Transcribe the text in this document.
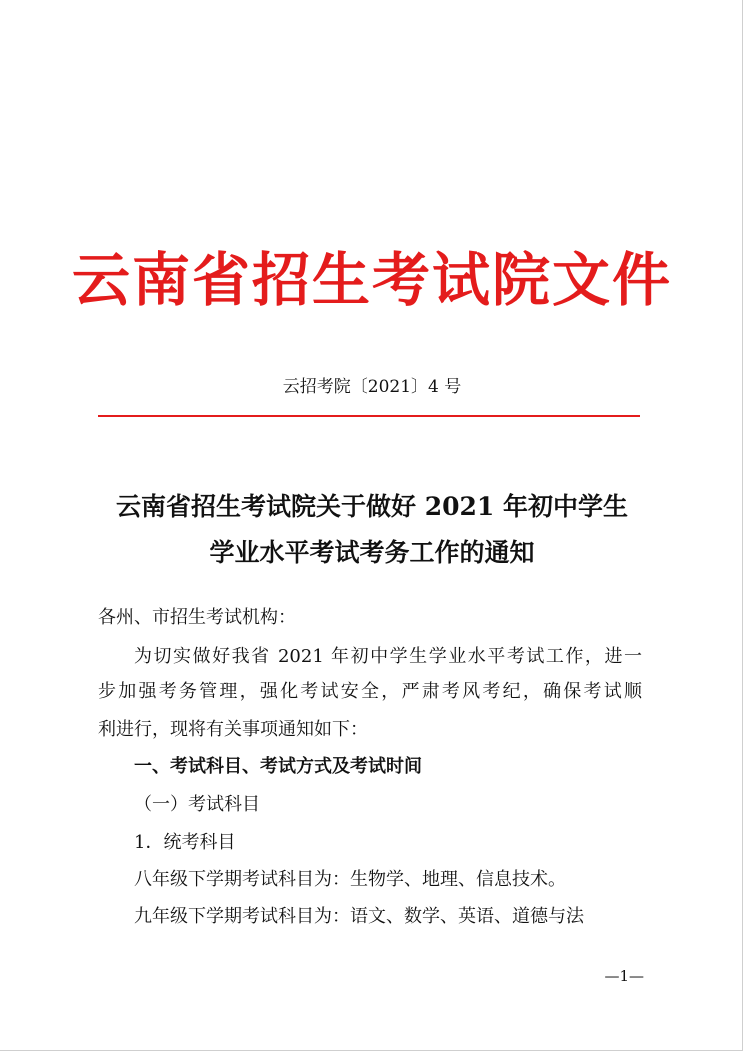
云南省招生考试院文件
云招考院〔2021〕4 号
云南省招生考试院关于做好 2021 年初中学生
学业水平考试考务工作的通知
各州、市招生考试机构：
为切实做好我省 2021 年初中学生学业水平考试工作，进一
步加强考务管理，强化考试安全，严肃考风考纪，确保考试顺
利进行，现将有关事项通知如下：
一、考试科目、考试方式及考试时间
（一）考试科目
1．统考科目
八年级下学期考试科目为：生物学、地理、信息技术。
九年级下学期考试科目为：语文、数学、英语、道德与法
—1—
